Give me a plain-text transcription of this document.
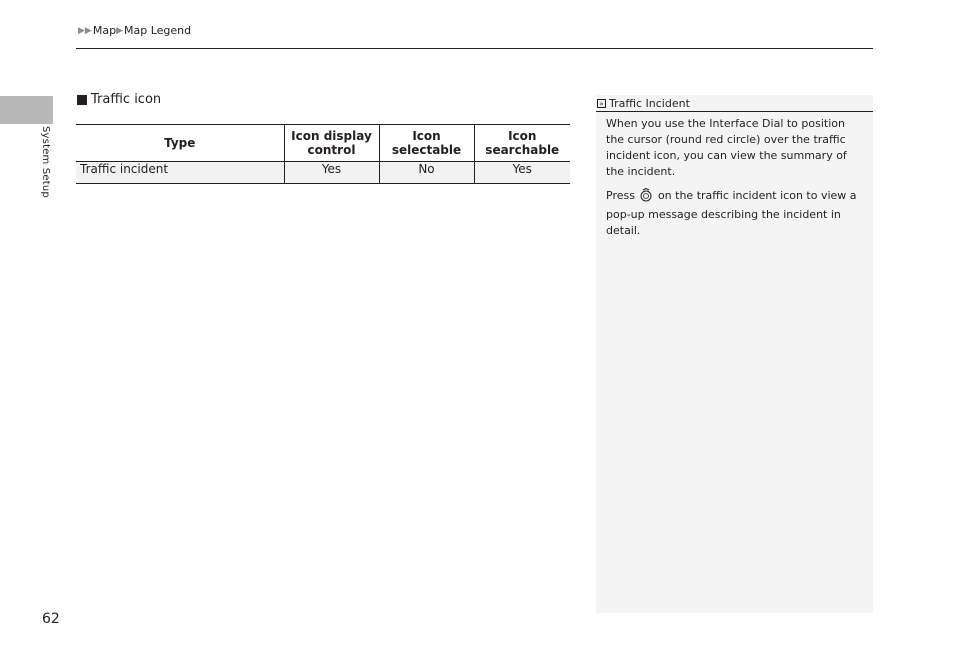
▶▶ Map ▶ Map Legend
System Setup
Traffic icon
Type	Icon display control	Icon selectable	Icon searchable
Traffic incident	Yes	No	Yes
» Traffic Incident

When you use the Interface Dial to position the cursor (round red circle) over the traffic incident icon, you can view the summary of the incident.

Press on the traffic incident icon to view a pop-up message describing the incident in detail.

62
